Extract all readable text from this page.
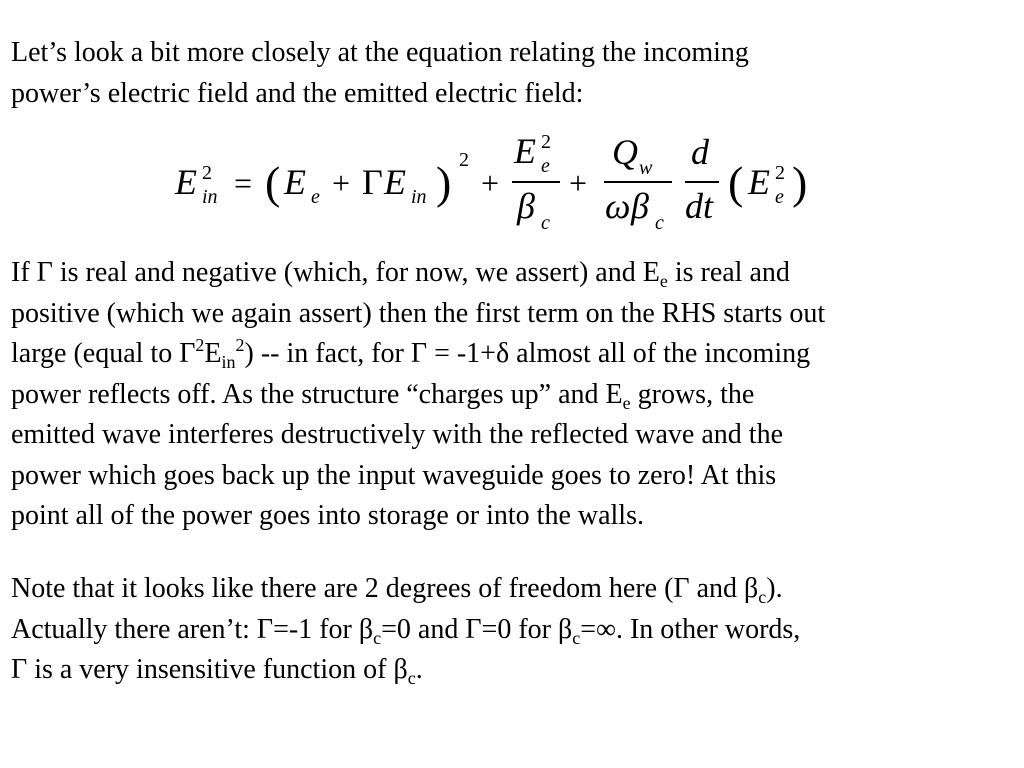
Let’s look a bit more closely at the equation relating the incoming
power’s electric field and the emitted electric field:

E 2
in = ( E e + Γ E in ) 2
+
E 2
e
β c
+
Q w
ω β c
d
dt ( E 2
e )

If Γ is real and negative (which, for now, we assert) and $E_e$ is real and
positive (which we again assert) then the first term on the RHS starts out
large (equal to $\Gamma^2E_{in}^2$) -- in fact, for Γ = -1+δ almost all of the incoming
power reflects off. As the structure “charges up” and $E_e$ grows, the
emitted wave interferes destructively with the reflected wave and the
power which goes back up the input waveguide goes to zero! At this
point all of the power goes into storage or into the walls.

Note that it looks like there are 2 degrees of freedom here (Γ and $\beta_c$).
Actually there aren’t: Γ=-1 for $\beta_c=0$ and Γ=0 for $\beta_c=\infty$. In other words,
Γ is a very insensitive function of $\beta_c$.
